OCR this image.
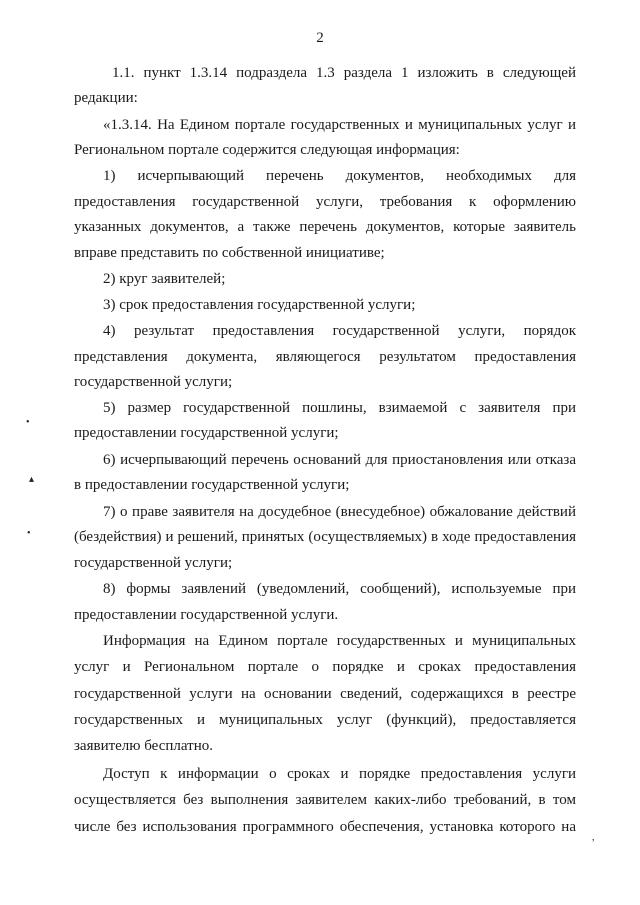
2
1.1. пункт 1.3.14 подраздела 1.3 раздела 1 изложить в следующей
редакции:
«1.3.14. На Едином портале государственных и муниципальных услуг и
Региональном портале содержится следующая информация:
1) исчерпывающий перечень документов, необходимых для
предоставления государственной услуги, требования к оформлению
указанных документов, а также перечень документов, которые заявитель
вправе представить по собственной инициативе;
2) круг заявителей;
3) срок предоставления государственной услуги;
4) результат предоставления государственной услуги, порядок
представления документа, являющегося результатом предоставления
государственной услуги;
5) размер государственной пошлины, взимаемой с заявителя при
предоставлении государственной услуги;
6) исчерпывающий перечень оснований для приостановления или отказа
в предоставлении государственной услуги;
7) о праве заявителя на досудебное (внесудебное) обжалование действий
(бездействия) и решений, принятых (осуществляемых) в ходе предоставления
государственной услуги;
8) формы заявлений (уведомлений, сообщений), используемые при
предоставлении государственной услуги.
Информация на Едином портале государственных и муниципальных
услуг и Региональном портале о порядке и сроках предоставления
государственной услуги на основании сведений, содержащихся в реестре
государственных и муниципальных услуг (функций), предоставляется
заявителю бесплатно.
Доступ к информации о сроках и порядке предоставления услуги
осуществляется без выполнения заявителем каких-либо требований, в том
числе без использования программного обеспечения, установка которого на
•
▴
•
,
